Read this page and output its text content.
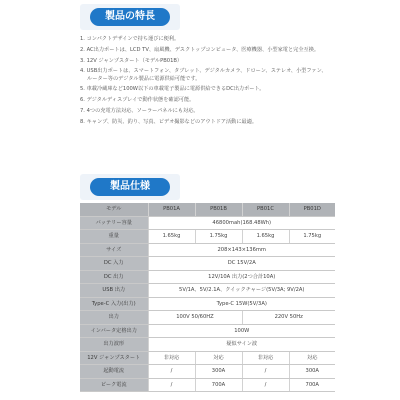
製品の特長
1. コンパクトデザインで持ち運びに便利。
2. AC出力ポートは、LCD TV、扇風機、デスクトップコンピュータ、医療機器、小型家電と完全互換。
3. 12V ジャンプスタート（モデルPB01B）
4. USB出力ポートは、スマートフォン、タブレット、デジタルカメラ、ドローン、ステレオ、小型ファン、ルーター等のデジタル製品に電源供給可能です。
5. 車載冷蔵庫など100W以下の車載電子製品に電源供給できるDC出力ポート。
6. デジタルディスプレイで動作状態を確認可能。
7. 4つの充電方法対応、ソーラーパネルにも対応。
8. キャンプ、防災、釣り、写真、ビデオ撮影などのアウトドア活動に最適。
製品仕様
モデル	PB01A	PB01B	PB01C	PB01D
バッテリー容量	46800mah(168.48Wh)			
重量	1.65kg	1.75kg	1.65kg	1.75kg
サイズ	208×143×136mm			
DC 入力	DC 15V/2A			
DC 出力	12V/10A 出力(2つ合計10A)			
USB 出力	5V/1A、5V/2.1A、クイックチャージ(5V/3A; 9V/2A)			
Type-C 入力(出力)	Type-C 15W(5V/3A)			
出力	100V 50/60HZ		220V 50Hz	
インバータ定格出力	100W			
出力波形	疑似サイン波			
12V ジャンプスタート	非対応	対応	非対応	対応
起動電流	/	300A	/	300A
ピーク電流	/	700A	/	700A
